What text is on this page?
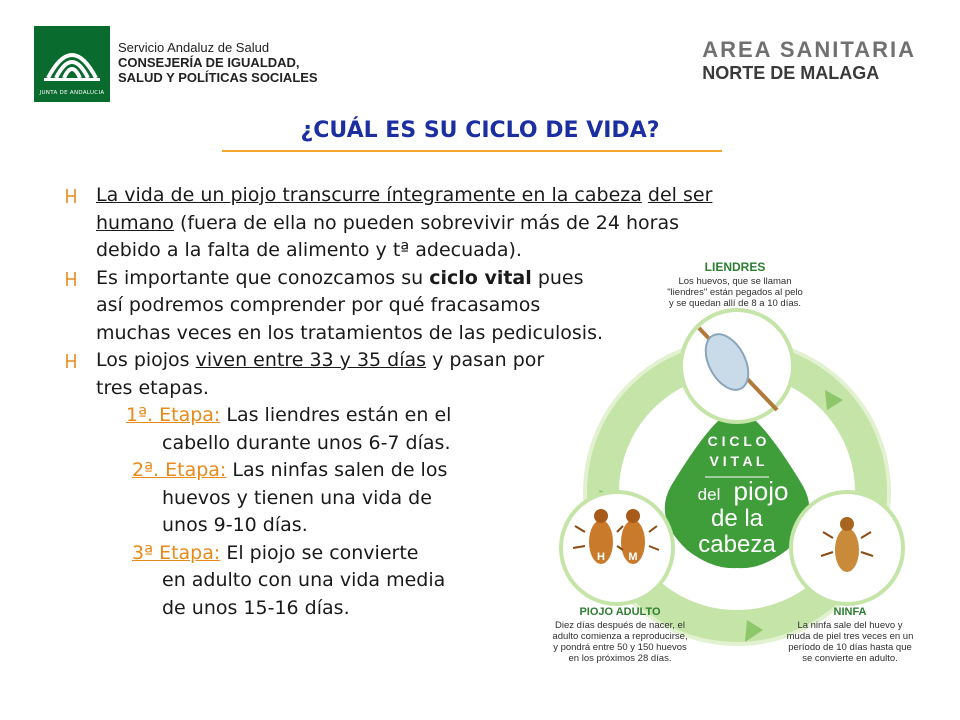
JUNTA DE ANDALUCIA
Servicio Andaluz de Salud
CONSEJERÍA DE IGUALDAD,
SALUD Y POLÍTICAS SOCIALES
AREA SANITARIA
NORTE DE MALAGA
¿CUÁL ES SU CICLO DE VIDA?
La vida de un piojo transcurre íntegramente en la cabeza del ser
humano (fuera de ella no pueden sobrevivir más de 24 horas
debido a la falta de alimento y tª adecuada).
Es importante que conozcamos su ciclo vital pues
así podremos comprender por qué fracasamos
muchas veces en los tratamientos de las pediculosis.
Los piojos viven entre 33 y 35 días y pasan por
tres etapas.
1ª. Etapa: Las liendres están en el
cabello durante unos 6-7 días.
2ª. Etapa: Las ninfas salen de los
huevos y tienen una vida de
unos 9-10 días.
3ª Etapa: El piojo se convierte
en adulto con una vida media
de unos 15-16 días.
C I C L O
V I T A L
del piojo
de la
cabeza
H M
LIENDRES
Los huevos, que se llaman
"liendres" están pegados al pelo
y se quedan allí de 8 a 10 días.
PIOJO ADULTO
Diez días después de nacer, el
adulto comienza a reproducirse,
y pondrá entre 50 y 150 huevos
en los próximos 28 días.
NINFA
La ninfa sale del huevo y
muda de piel tres veces en un
período de 10 días hasta que
se convierte en adulto.
